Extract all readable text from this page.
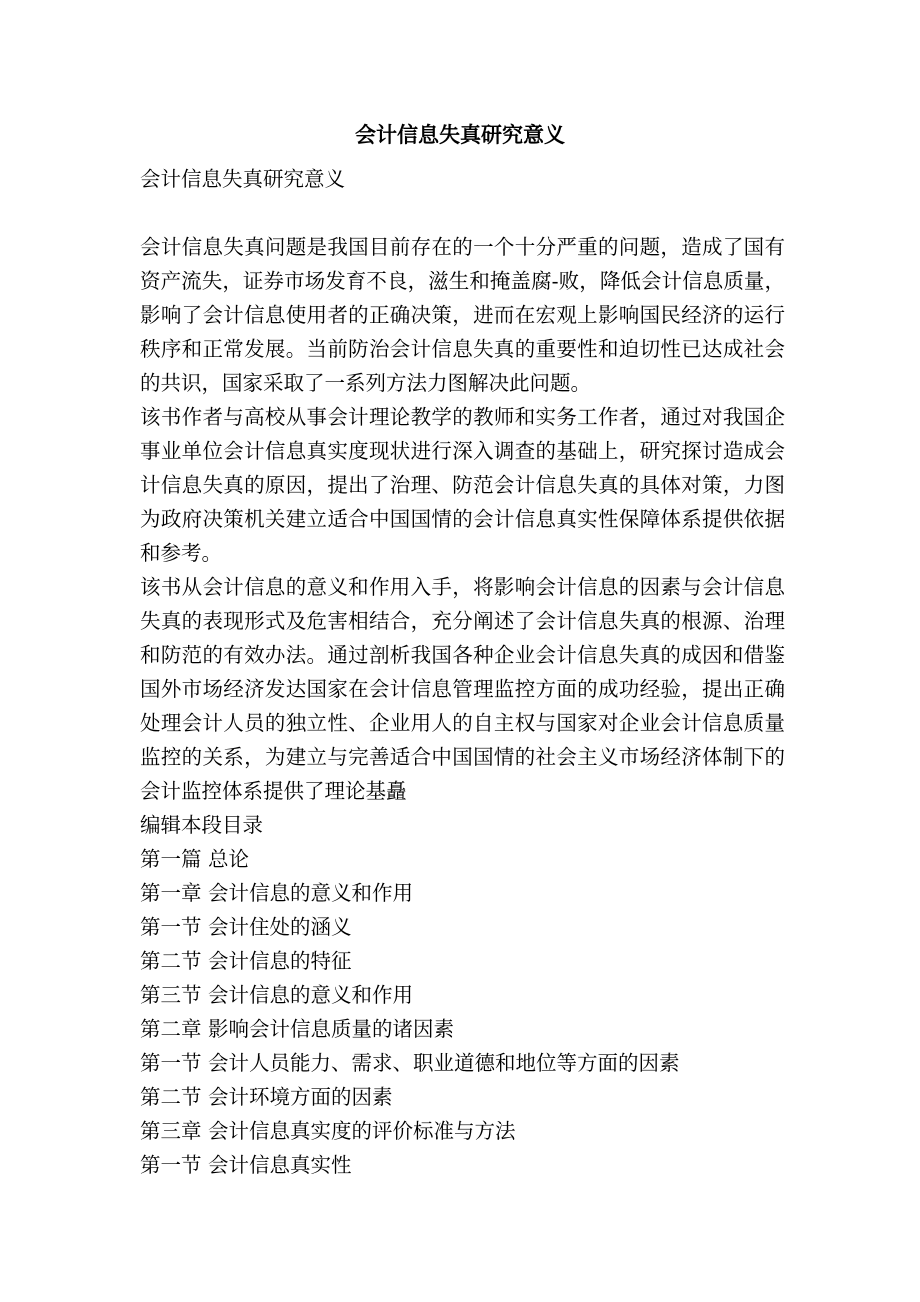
会计信息失真研究意义

会计信息失真研究意义

会计信息失真问题是我国目前存在的一个十分严重的问题，造成了国有资产流失，证券市场发育不良，滋生和掩盖腐-败，降低会计信息质量，影响了会计信息使用者的正确决策，进而在宏观上影响国民经济的运行秩序和正常发展。当前防治会计信息失真的重要性和迫切性已达成社会的共识，国家采取了一系列方法力图解决此问题。

该书作者与高校从事会计理论教学的教师和实务工作者，通过对我国企事业单位会计信息真实度现状进行深入调查的基础上，研究探讨造成会计信息失真的原因，提出了治理、防范会计信息失真的具体对策，力图为政府决策机关建立适合中国国情的会计信息真实性保障体系提供依据和参考。

该书从会计信息的意义和作用入手，将影响会计信息的因素与会计信息失真的表现形式及危害相结合，充分阐述了会计信息失真的根源、治理和防范的有效办法。通过剖析我国各种企业会计信息失真的成因和借鉴国外市场经济发达国家在会计信息管理监控方面的成功经验，提出正确处理会计人员的独立性、企业用人的自主权与国家对企业会计信息质量监控的关系，为建立与完善适合中国国情的社会主义市场经济体制下的会计监控体系提供了理论基矗

编辑本段目录

第一篇 总论

第一章 会计信息的意义和作用

第一节 会计住处的涵义

第二节 会计信息的特征

第三节 会计信息的意义和作用

第二章 影响会计信息质量的诸因素

第一节 会计人员能力、需求、职业道德和地位等方面的因素

第二节 会计环境方面的因素

第三章 会计信息真实度的评价标准与方法

第一节 会计信息真实性
